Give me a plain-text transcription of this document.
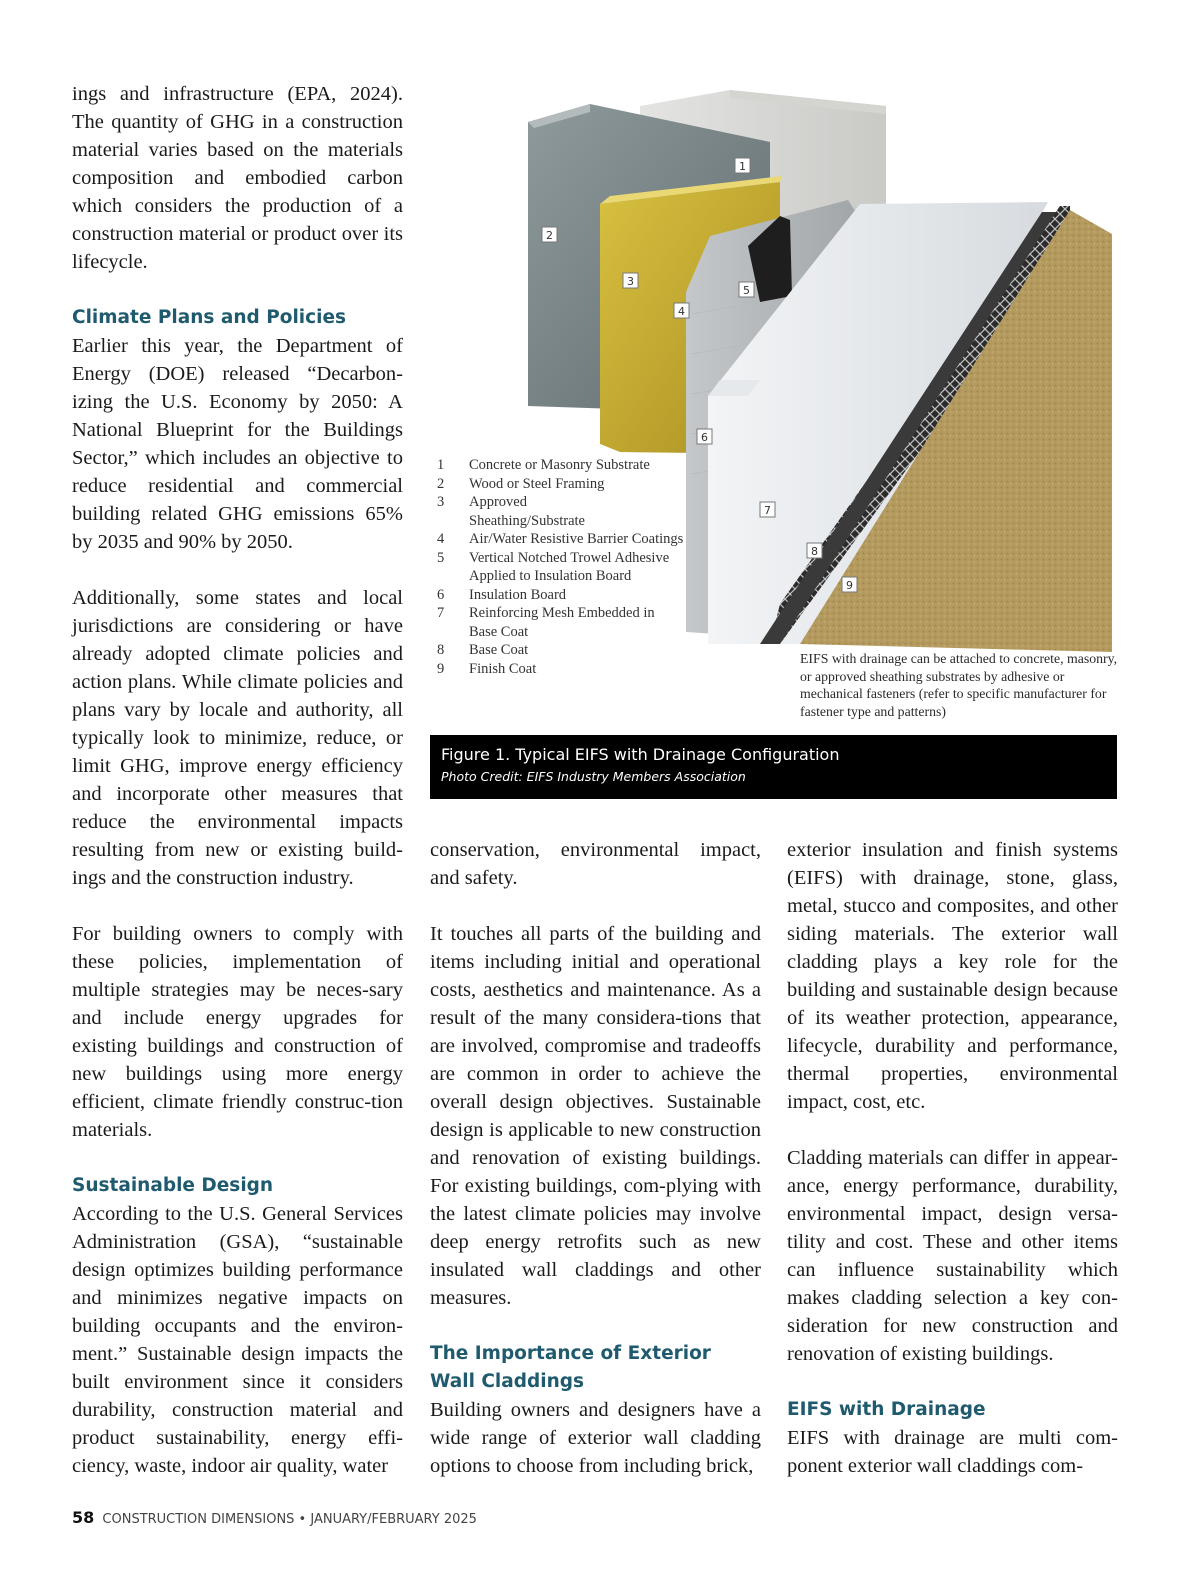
ings and infrastructure (EPA, 2024). The quantity of GHG in a construction material varies based on the materials composition and embodied carbon which considers the production of a construction material or product over its lifecycle.

Climate Plans and Policies

Earlier this year, the Department of Energy (DOE) released “Decarbon-izing the U.S. Economy by 2050: A National Blueprint for the Buildings Sector,” which includes an objective to reduce residential and commercial building related GHG emissions 65% by 2035 and 90% by 2050.

Additionally, some states and local jurisdictions are considering or have already adopted climate policies and action plans. While climate policies and plans vary by locale and authority, all typically look to minimize, reduce, or limit GHG, improve energy efficiency and incorporate other measures that reduce the environmental impacts resulting from new or existing build-ings and the construction industry.

For building owners to comply with these policies, implementation of multiple strategies may be neces-sary and include energy upgrades for existing buildings and construction of new buildings using more energy efficient, climate friendly construc-tion materials.

Sustainable Design

According to the U.S. General Services Administration (GSA), “sustainable design optimizes building performance and minimizes negative impacts on building occupants and the environ-ment.” Sustainable design impacts the built environment since it considers durability, construction material and product sustainability, energy effi-ciency, waste, indoor air quality, water

1
2
3
4
5
6
7
8
9
1	Concrete or Masonry Substrate
2	Wood or Steel Framing
3	Approved Sheathing/Substrate
4	Air/Water Resistive Barrier Coatings
5	Vertical Notched Trowel Adhesive Applied to Insulation Board
6	Insulation Board
7	Reinforcing Mesh Embedded in Base Coat
8	Base Coat
9	Finish Coat
EIFS with drainage can be attached to concrete, masonry, or approved sheathing substrates by adhesive or mechanical fasteners (refer to specific manufacturer for fastener type and patterns)
Figure 1. Typical EIFS with Drainage Configuration
Photo Credit: EIFS Industry Members Association

conservation, environmental impact, and safety.

It touches all parts of the building and items including initial and operational costs, aesthetics and maintenance. As a result of the many considera-tions that are involved, compromise and tradeoffs are common in order to achieve the overall design objectives. Sustainable design is applicable to new construction and renovation of existing buildings. For existing buildings, com-plying with the latest climate policies may involve deep energy retrofits such as new insulated wall claddings and other measures.

The Importance of Exterior Wall Claddings

Building owners and designers have a wide range of exterior wall cladding options to choose from including brick,

exterior insulation and finish systems (EIFS) with drainage, stone, glass, metal, stucco and composites, and other siding materials. The exterior wall cladding plays a key role for the building and sustainable design because of its weather protection, appearance, lifecycle, durability and performance, thermal properties, environmental impact, cost, etc.

Cladding materials can differ in appear-ance, energy performance, durability, environmental impact, design versa-tility and cost. These and other items can influence sustainability which makes cladding selection a key con-sideration for new construction and renovation of existing buildings.

EIFS with Drainage

EIFS with drainage are multi com-ponent exterior wall claddings com-

58 CONSTRUCTION DIMENSIONS • JANUARY/FEBRUARY 2025
